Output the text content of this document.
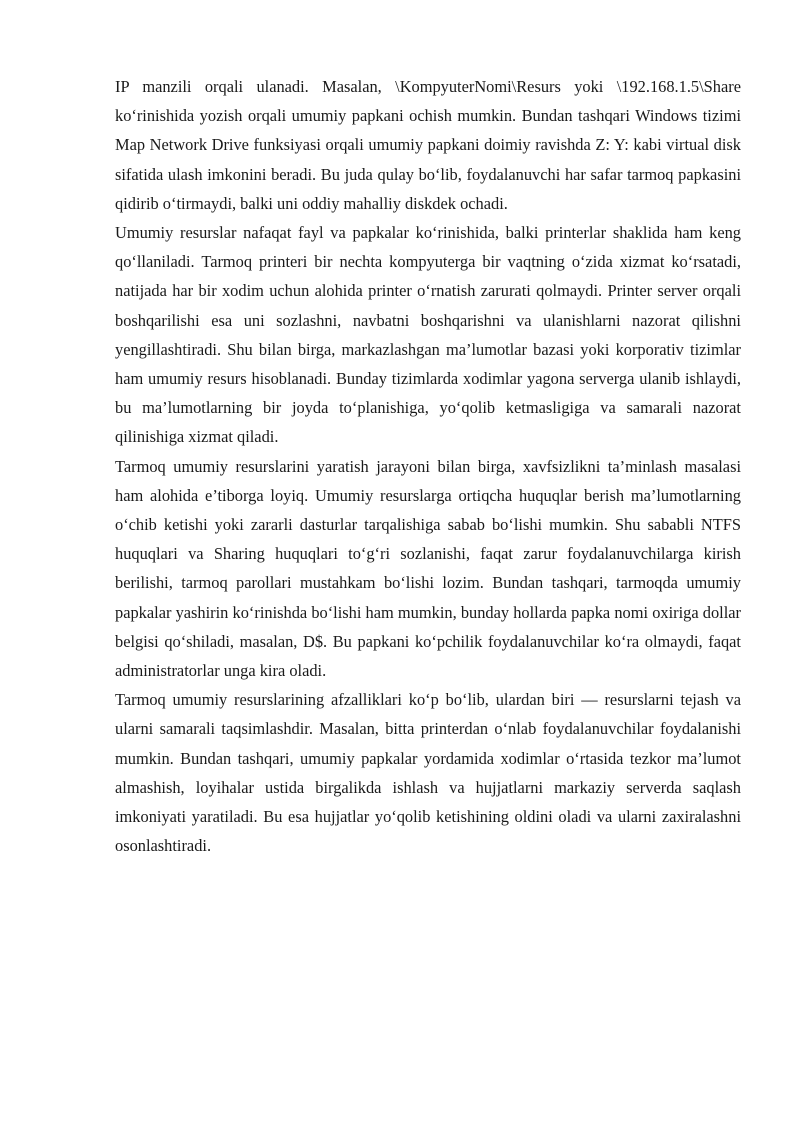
IP manzili orqali ulanadi. Masalan, \KompyuterNomi\Resurs yoki \192.168.1.5\Share ko‘rinishida yozish orqali umumiy papkani ochish mumkin. Bundan tashqari Windows tizimi Map Network Drive funksiyasi orqali umumiy papkani doimiy ravishda Z: Y: kabi virtual disk sifatida ulash imkonini beradi. Bu juda qulay bo‘lib, foydalanuvchi har safar tarmoq papkasini qidirib o‘tirmaydi, balki uni oddiy mahalliy diskdek ochadi.

Umumiy resurslar nafaqat fayl va papkalar ko‘rinishida, balki printerlar shaklida ham keng qo‘llaniladi. Tarmoq printeri bir nechta kompyuterga bir vaqtning o‘zida xizmat ko‘rsatadi, natijada har bir xodim uchun alohida printer o‘rnatish zarurati qolmaydi. Printer server orqali boshqarilishi esa uni sozlashni, navbatni boshqarishni va ulanishlarni nazorat qilishni yengillashtiradi. Shu bilan birga, markazlashgan ma’lumotlar bazasi yoki korporativ tizimlar ham umumiy resurs hisoblanadi. Bunday tizimlarda xodimlar yagona serverga ulanib ishlaydi, bu ma’lumotlarning bir joyda to‘planishiga, yo‘qolib ketmasligiga va samarali nazorat qilinishiga xizmat qiladi.

Tarmoq umumiy resurslarini yaratish jarayoni bilan birga, xavfsizlikni ta’minlash masalasi ham alohida e’tiborga loyiq. Umumiy resurslarga ortiqcha huquqlar berish ma’lumotlarning o‘chib ketishi yoki zararli dasturlar tarqalishiga sabab bo‘lishi mumkin. Shu sababli NTFS huquqlari va Sharing huquqlari to‘g‘ri sozlanishi, faqat zarur foydalanuvchilarga kirish berilishi, tarmoq parollari mustahkam bo‘lishi lozim. Bundan tashqari, tarmoqda umumiy papkalar yashirin ko‘rinishda bo‘lishi ham mumkin, bunday hollarda papka nomi oxiriga dollar belgisi qo‘shiladi, masalan, D$. Bu papkani ko‘pchilik foydalanuvchilar ko‘ra olmaydi, faqat administratorlar unga kira oladi.

Tarmoq umumiy resurslarining afzalliklari ko‘p bo‘lib, ulardan biri — resurslarni tejash va ularni samarali taqsimlashdir. Masalan, bitta printerdan o‘nlab foydalanuvchilar foydalanishi mumkin. Bundan tashqari, umumiy papkalar yordamida xodimlar o‘rtasida tezkor ma’lumot almashish, loyihalar ustida birgalikda ishlash va hujjatlarni markaziy serverda saqlash imkoniyati yaratiladi. Bu esa hujjatlar yo‘qolib ketishining oldini oladi va ularni zaxiralashni osonlashtiradi.
